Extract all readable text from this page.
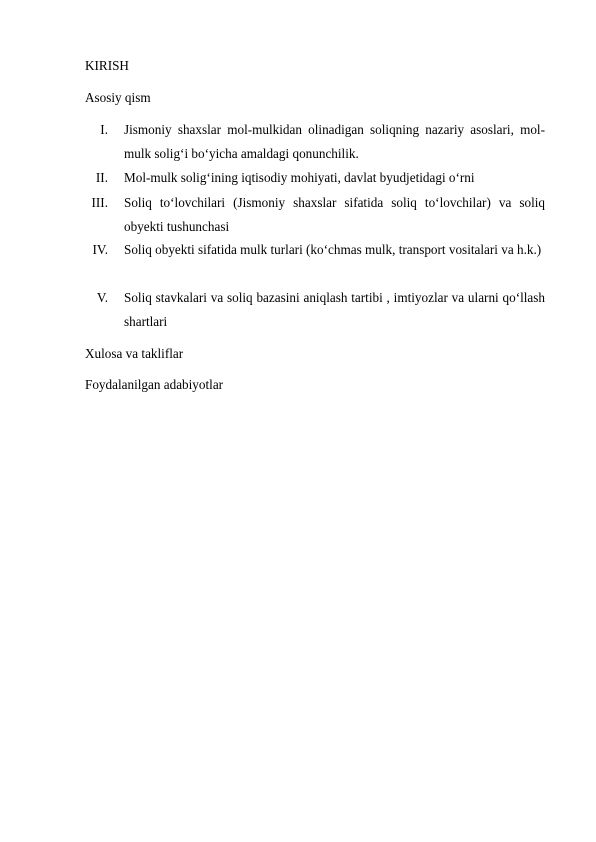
KIRISH
Asosiy qism
I. Jismoniy shaxslar mol-mulkidan olinadigan soliqning nazariy asoslari, mol-mulk solig‘i bo‘yicha amaldagi qonunchilik.
II. Mol-mulk solig‘ining iqtisodiy mohiyati, davlat byudjetidagi o‘rni
III. Soliq to‘lovchilari (Jismoniy shaxslar sifatida soliq to‘lovchilar) va soliq obyekti tushunchasi
IV. Soliq obyekti sifatida mulk turlari (ko‘chmas mulk, transport vositalari va h.k.)
V. Soliq stavkalari va soliq bazasini aniqlash tartibi , imtiyozlar va ularni qo‘llash shartlari
Xulosa va takliflar
Foydalanilgan adabiyotlar
